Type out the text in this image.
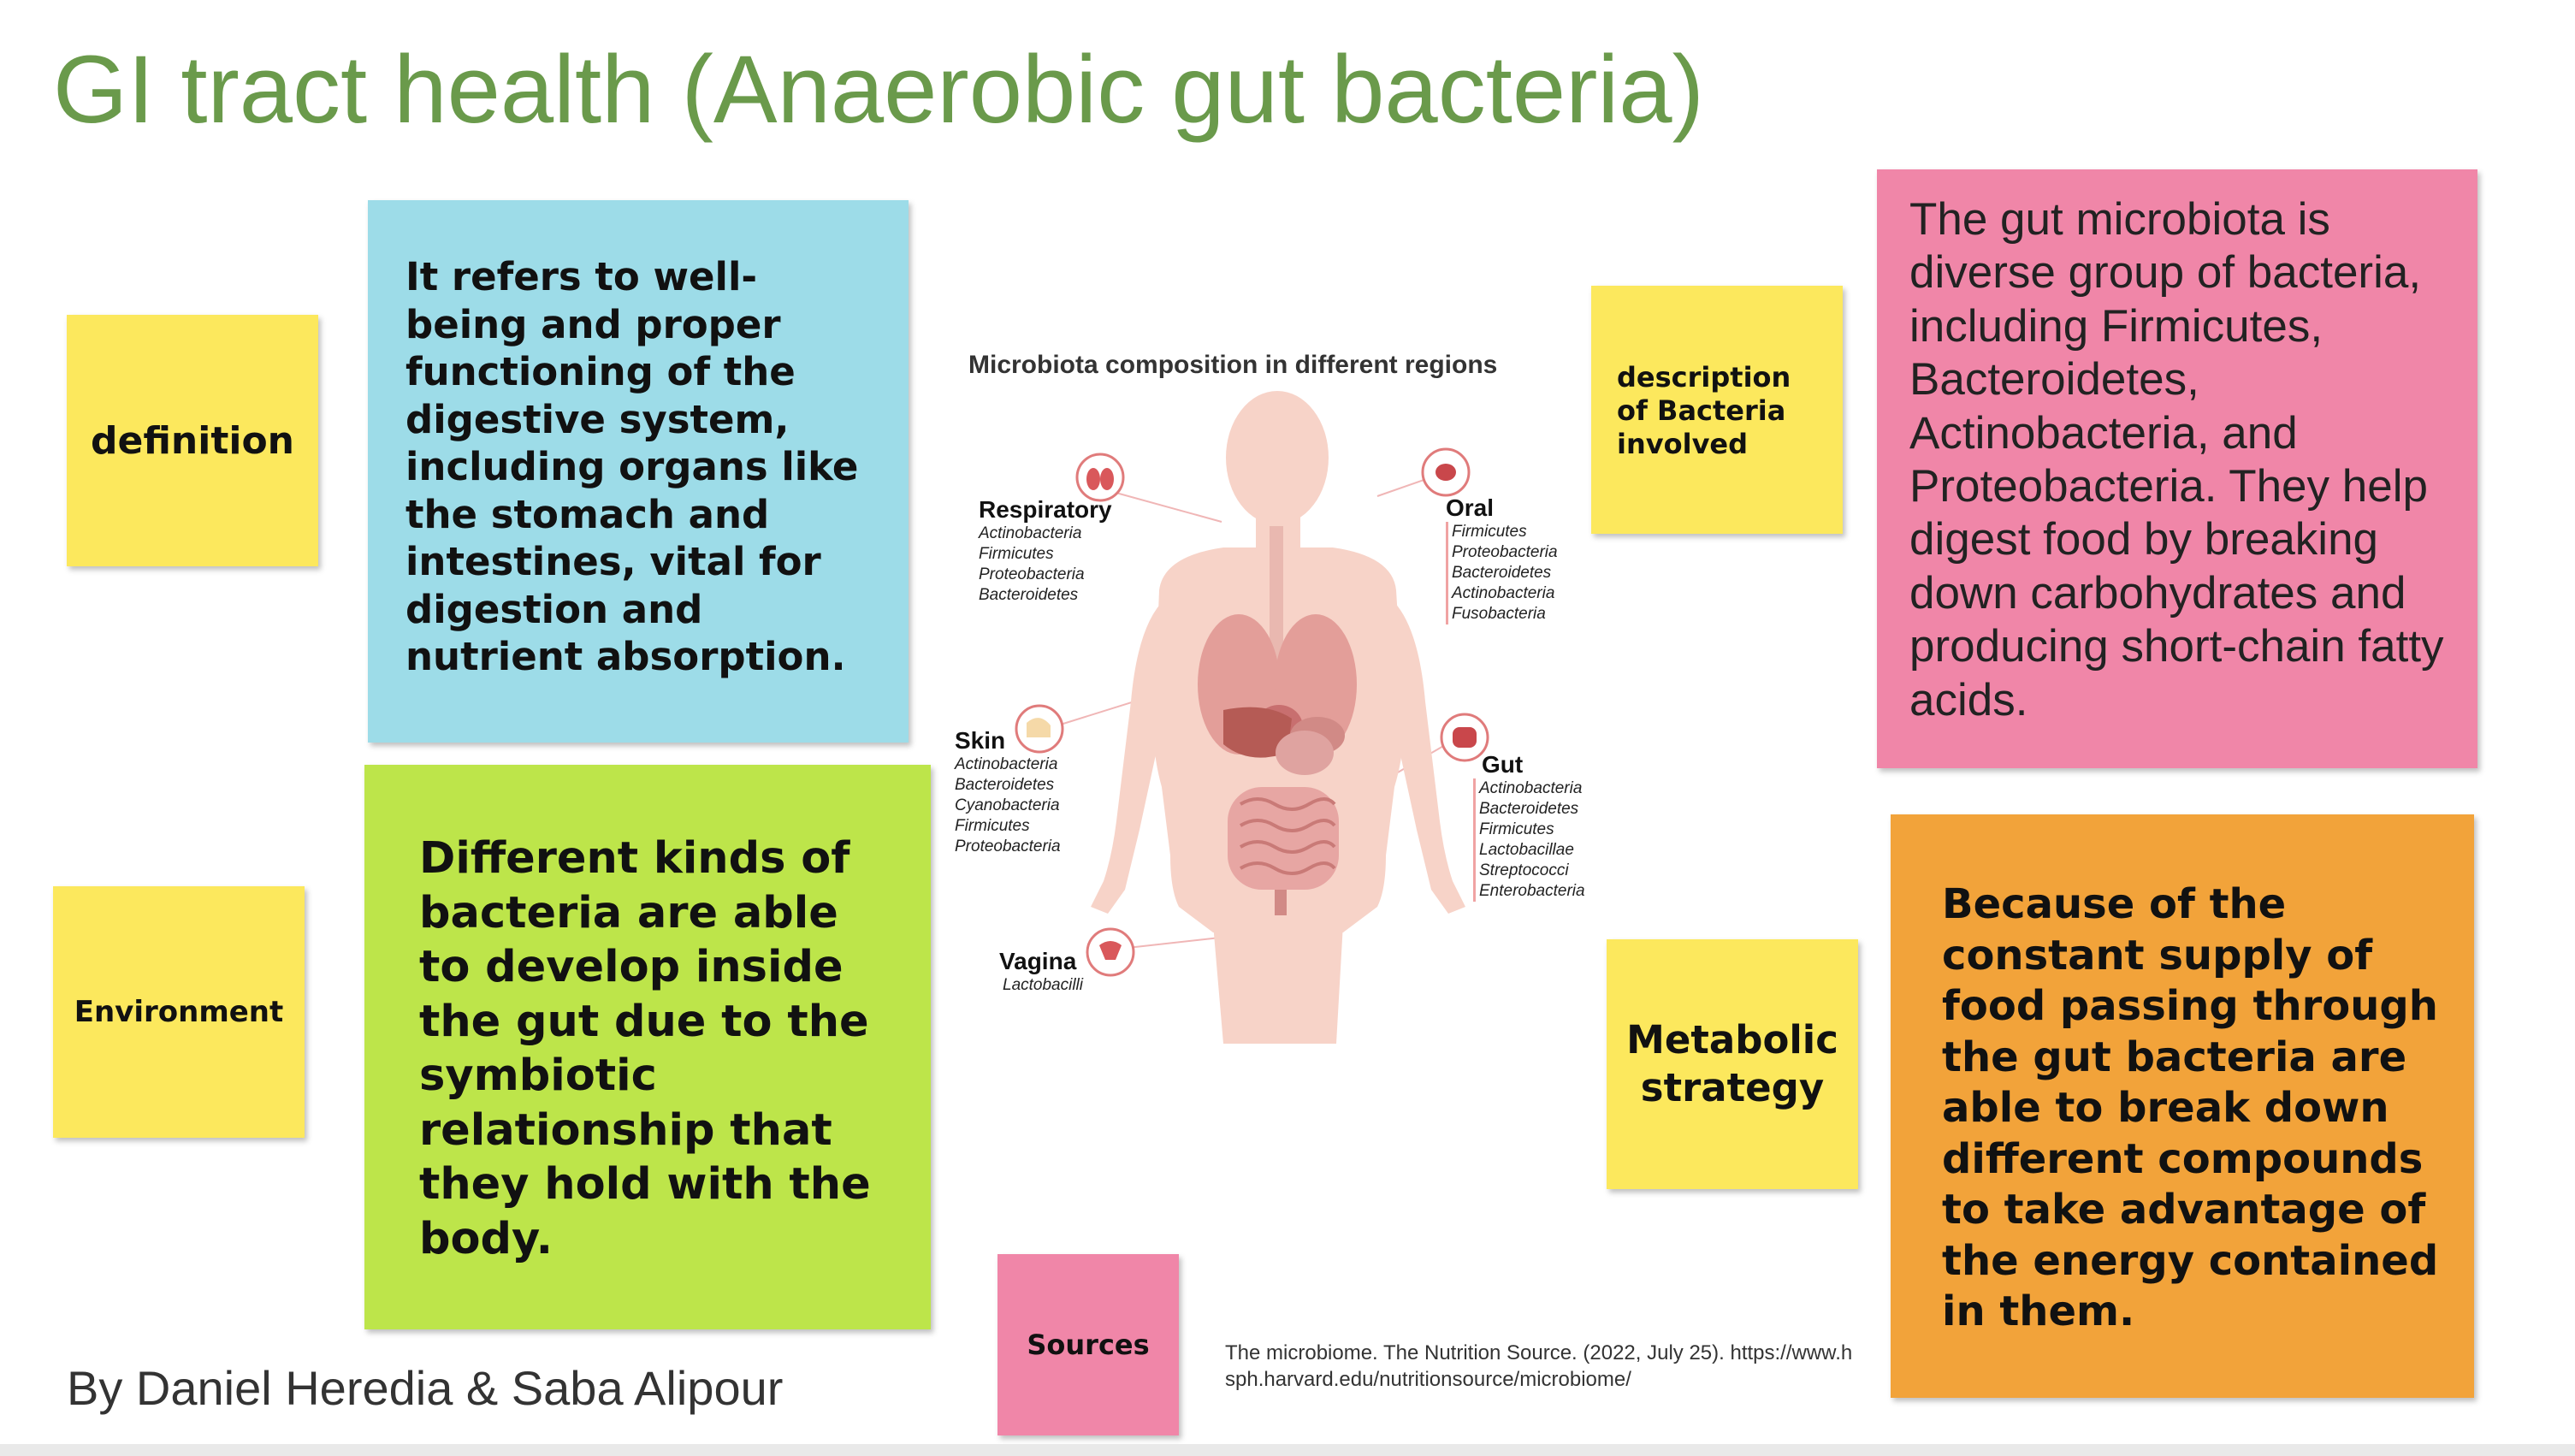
GI tract health (Anaerobic gut bacteria)
definition
Environment
It refers to well-being and proper functioning of the digestive system, including organs like the stomach and intestines, vital for digestion and nutrient absorption.
Different kinds of bacteria are able to develop inside the gut due to the symbiotic relationship that they hold with the body.
Microbiota composition in different regions
Respiratory
Actinobacteria
Firmicutes
Proteobacteria
Bacteroidetes
Oral
Firmicutes
Proteobacteria
Bacteroidetes
Actinobacteria
Fusobacteria
Skin
Actinobacteria
Bacteroidetes
Cyanobacteria
Firmicutes
Proteobacteria
Gut
Actinobacteria
Bacteroidetes
Firmicutes
Lactobacillae
Streptococci
Enterobacteria
Vagina
Lactobacilli
description of Bacteria involved
The gut microbiota is diverse group of bacteria, including Firmicutes, Bacteroidetes, Actinobacteria, and Proteobacteria. They help digest food by breaking down carbohydrates and producing short-chain fatty acids.
Metabolic strategy
Because of the constant supply of food passing through the gut bacteria are able to break down different compounds to take advantage of the energy contained in them.
Sources	The microbiome. The Nutrition Source. (2022, July 25). https://www.hsph.harvard.edu/nutritionsource/microbiome/
By Daniel Heredia & Saba Alipour
